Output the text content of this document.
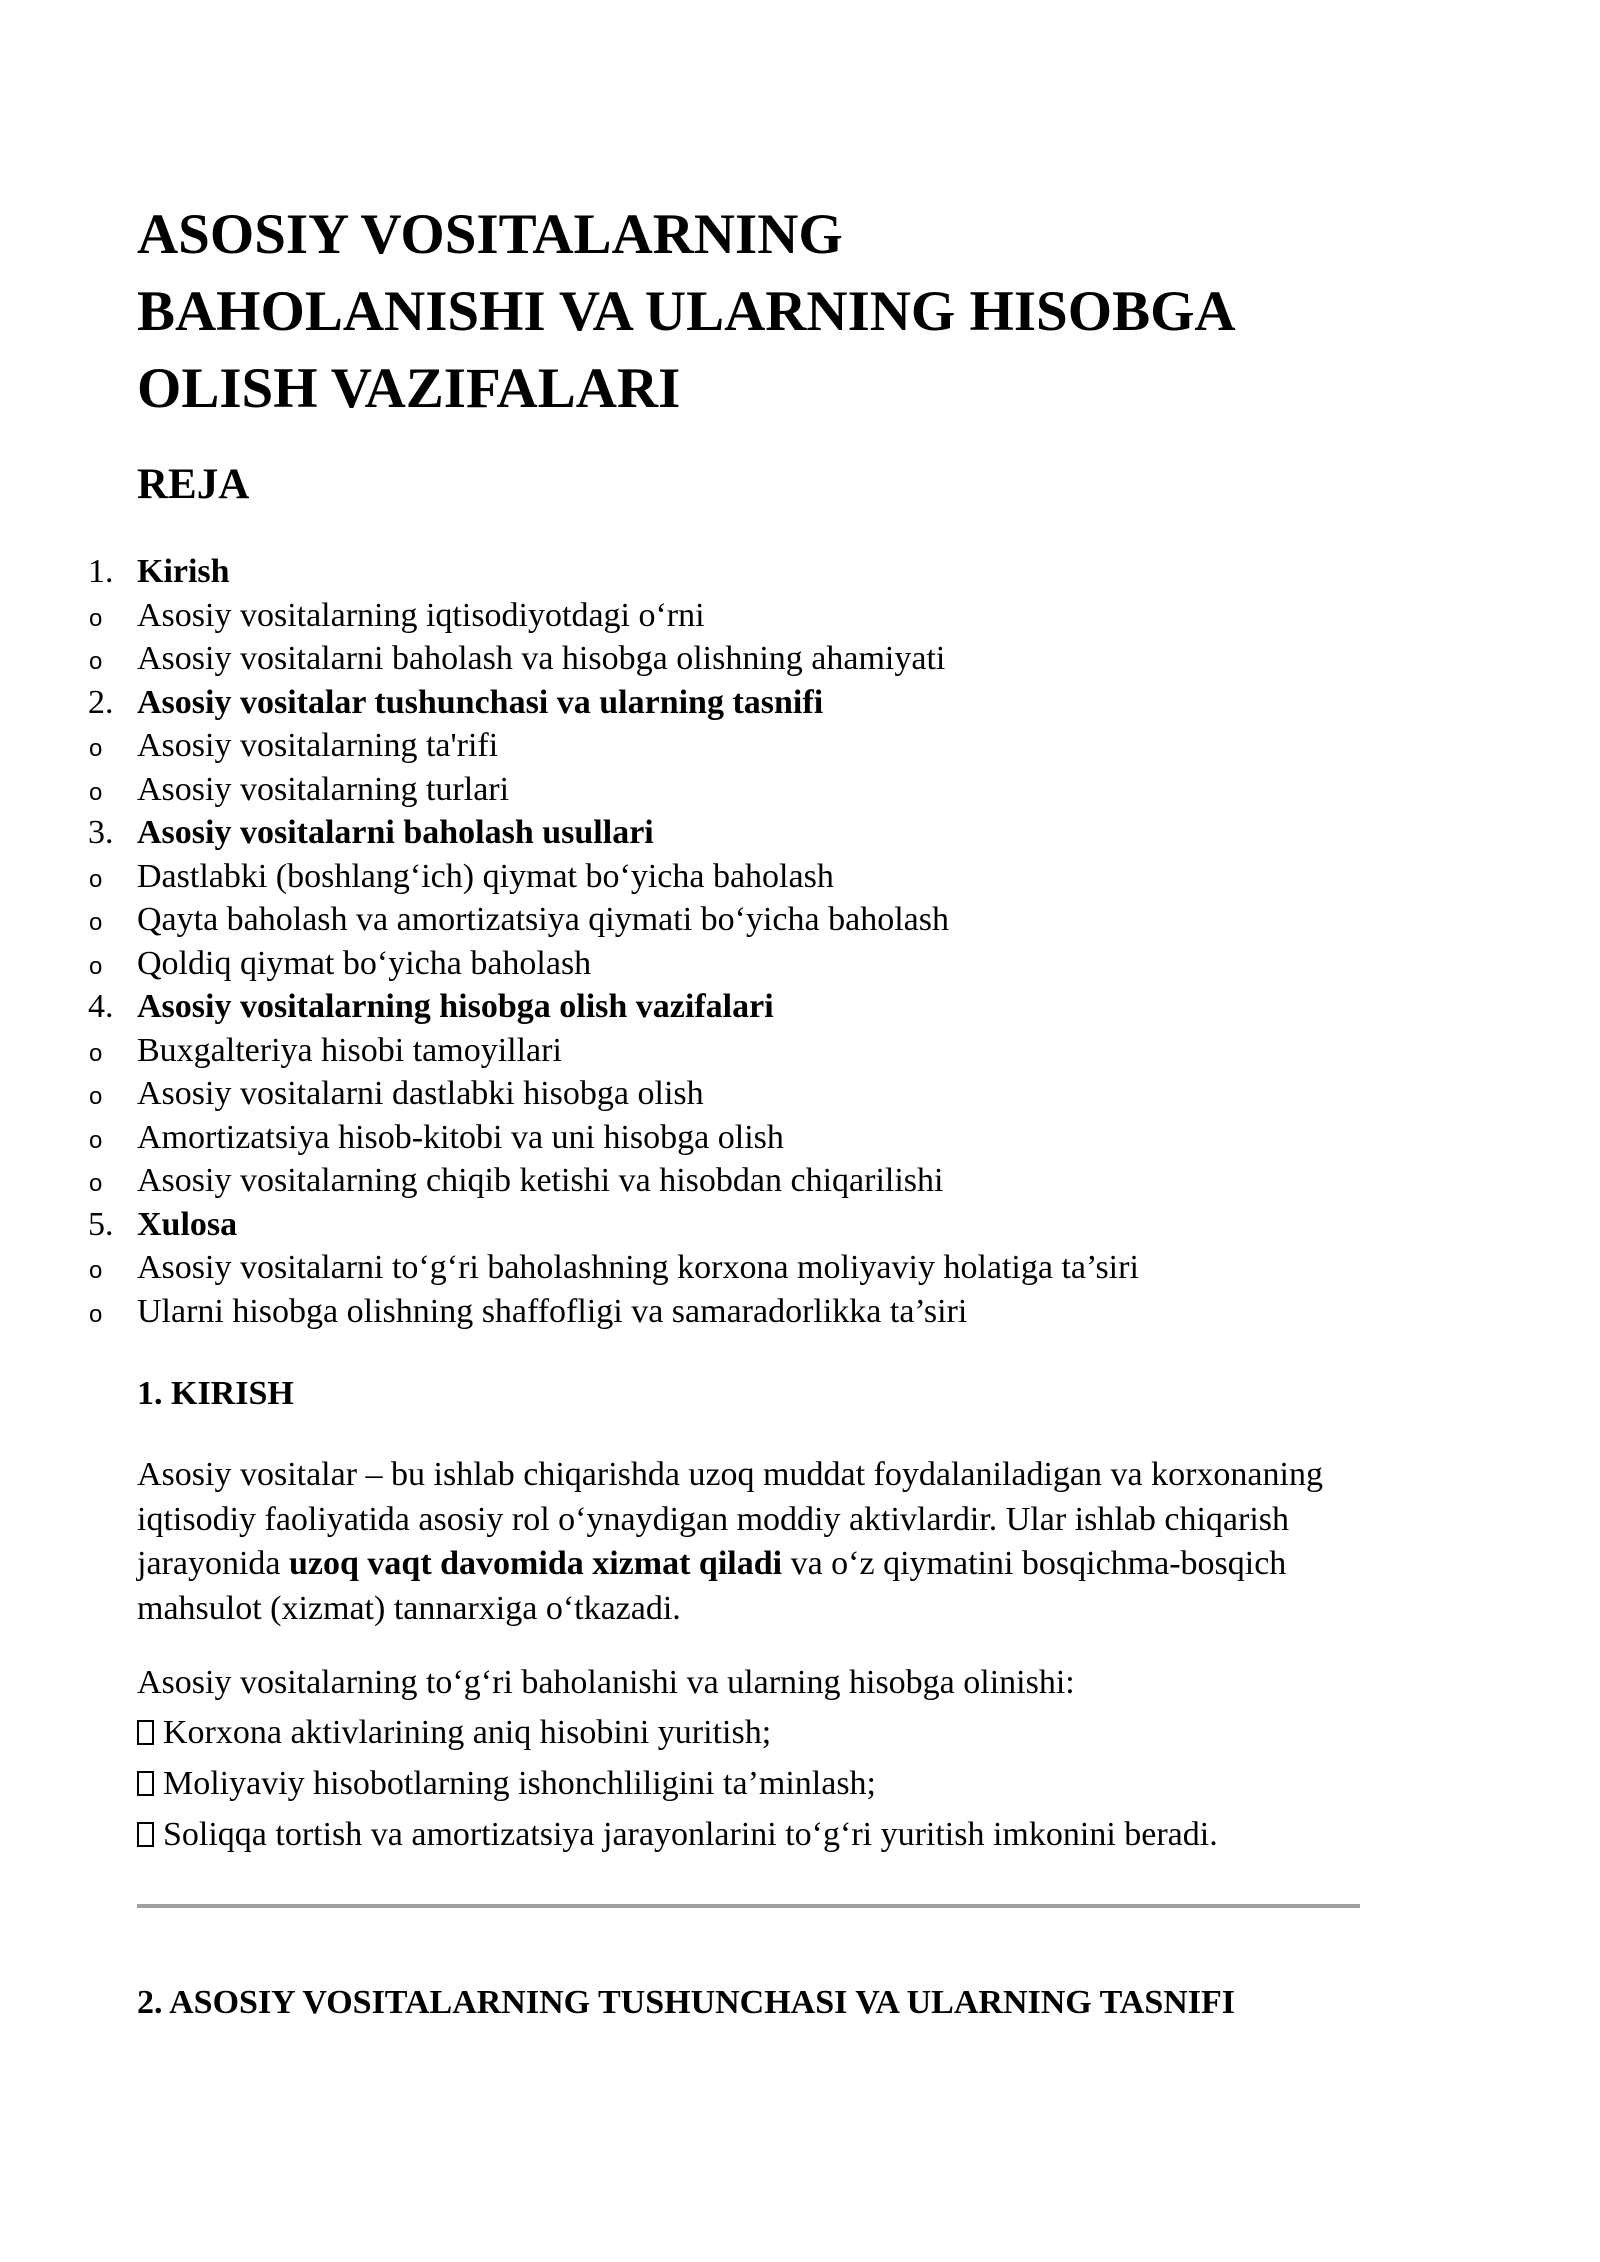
ASOSIY VOSITALARNING
BAHOLANISHI VA ULARNING HISOBGA
OLISH VAZIFALARI
REJA
1. Kirish
o Asosiy vositalarning iqtisodiyotdagi o‘rni
o Asosiy vositalarni baholash va hisobga olishning ahamiyati
2. Asosiy vositalar tushunchasi va ularning tasnifi
o Asosiy vositalarning ta'rifi
o Asosiy vositalarning turlari
3. Asosiy vositalarni baholash usullari
o Dastlabki (boshlang‘ich) qiymat bo‘yicha baholash
o Qayta baholash va amortizatsiya qiymati bo‘yicha baholash
o Qoldiq qiymat bo‘yicha baholash
4. Asosiy vositalarning hisobga olish vazifalari
o Buxgalteriya hisobi tamoyillari
o Asosiy vositalarni dastlabki hisobga olish
o Amortizatsiya hisob-kitobi va uni hisobga olish
o Asosiy vositalarning chiqib ketishi va hisobdan chiqarilishi
5. Xulosa
o Asosiy vositalarni to‘g‘ri baholashning korxona moliyaviy holatiga ta’siri
o Ularni hisobga olishning shaffofligi va samaradorlikka ta’siri
1. KIRISH

Asosiy vositalar – bu ishlab chiqarishda uzoq muddat foydalaniladigan va korxonaning iqtisodiy faoliyatida asosiy rol o‘ynaydigan moddiy aktivlardir. Ular ishlab chiqarish jarayonida uzoq vaqt davomida xizmat qiladi va o‘z qiymatini bosqichma-bosqich mahsulot (xizmat) tannarxiga o‘tkazadi.

Asosiy vositalarning to‘g‘ri baholanishi va ularning hisobga olinishi:

Korxona aktivlarining aniq hisobini yuritish;

Moliyaviy hisobotlarning ishonchliligini ta’minlash;

Soliqqa tortish va amortizatsiya jarayonlarini to‘g‘ri yuritish imkonini beradi.

2. ASOSIY VOSITALARNING TUSHUNCHASI VA ULARNING TASNIFI
